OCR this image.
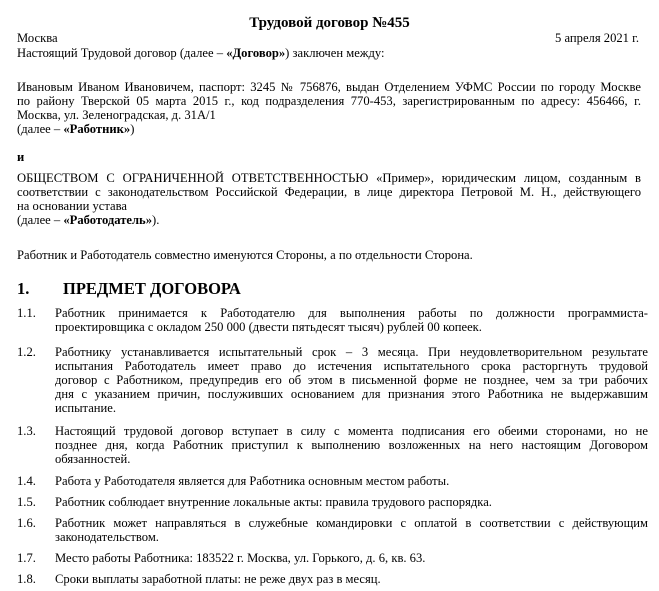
Трудовой договор №455
Москва	5 апреля 2021 г.
Настоящий Трудовой договор (далее – «Договор») заключен между:
Ивановым Иваном Ивановичем, паспорт: 3245 № 756876, выдан Отделением УФМС России по городу Москве
по району Тверской 05 марта 2015 г., код подразделения 770-453, зарегистрированным по адресу: 456466, г.
Москва, ул. Зеленоградская, д. 31А/1
(далее – «Работник»)
и
ОБЩЕСТВОМ С ОГРАНИЧЕННОЙ ОТВЕТСТВЕННОСТЬЮ «Пример», юридическим лицом, созданным в
соответствии с законодательством Российской Федерации, в лице директора Петровой М. Н., действующего
на основании устава
(далее – «Работодатель»).
Работник и Работодатель совместно именуются Стороны, а по отдельности Сторона.
1. ПРЕДМЕТ ДОГОВОРА
1.1. Работник принимается к Работодателю для выполнения работы по должности программиста-
проектировщика с окладом 250 000 (двести пятьдесят тысяч) рублей 00 копеек.
1.2. Работнику устанавливается испытательный срок – 3 месяца. При неудовлетворительном результате
испытания Работодатель имеет право до истечения испытательного срока расторгнуть трудовой
договор с Работником, предупредив его об этом в письменной форме не позднее, чем за три рабочих
дня с указанием причин, послуживших основанием для признания этого Работника не выдержавшим
испытание.
1.3. Настоящий трудовой договор вступает в силу с момента подписания его обеими сторонами, но не
позднее дня, когда Работник приступил к выполнению возложенных на него настоящим Договором
обязанностей.
1.4. Работа у Работодателя является для Работника основным местом работы.
1.5. Работник соблюдает внутренние локальные акты: правила трудового распорядка.
1.6. Работник может направляться в служебные командировки с оплатой в соответствии с действующим
законодательством.
1.7. Место работы Работника: 183522 г. Москва, ул. Горького, д. 6, кв. 63.
1.8. Сроки выплаты заработной платы: не реже двух раз в месяц.
